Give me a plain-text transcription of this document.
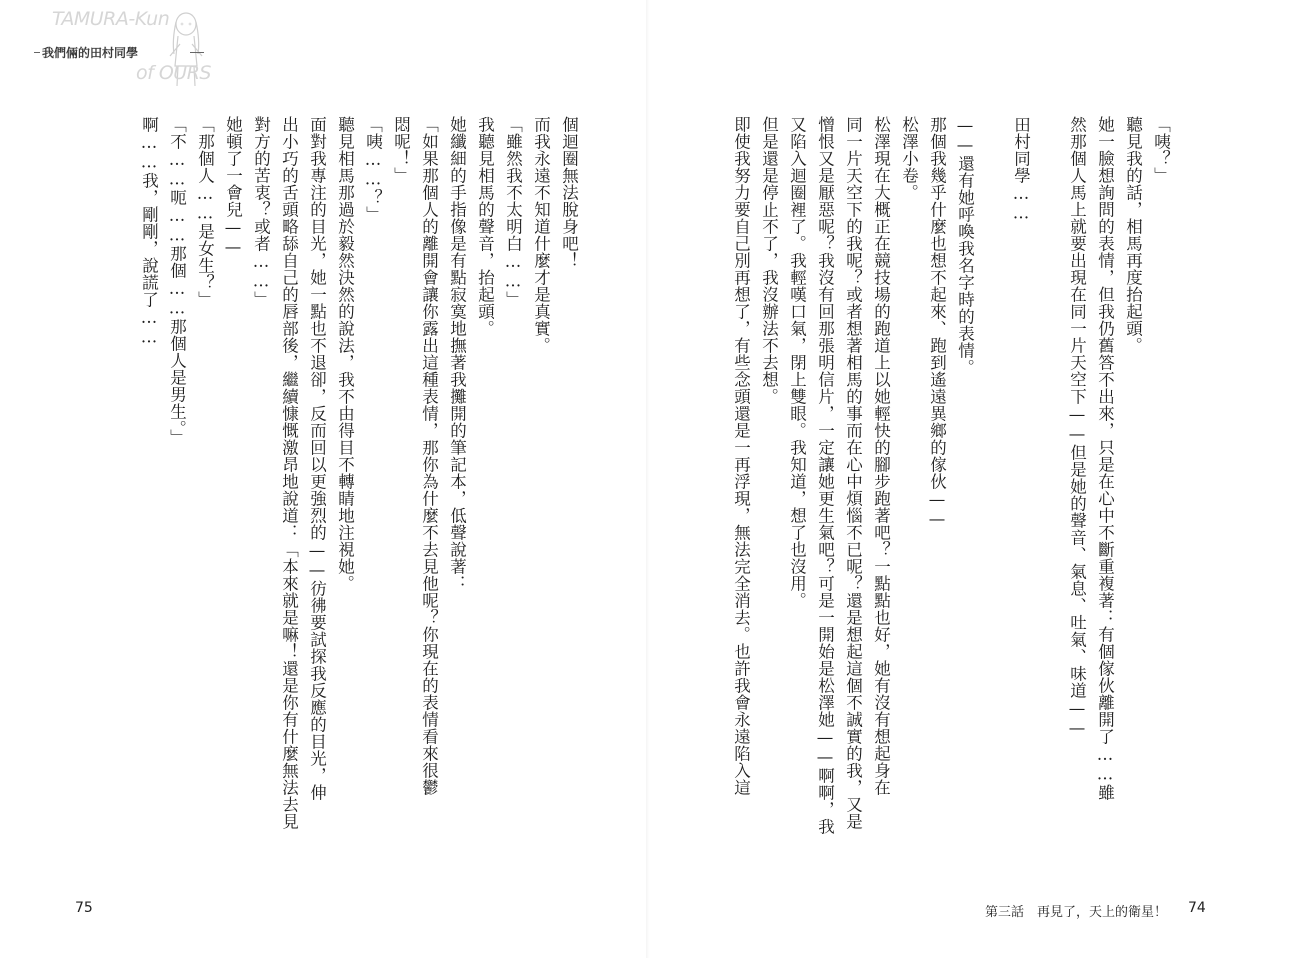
TAMURA-Kun
我們倆的田村同學
of OURS
「咦？」
聽見我的話，相馬再度抬起頭。
她一臉想詢問的表情，但我仍舊答不出來，只是在心中不斷重複著：有個傢伙離開了……雖
然那個人馬上就要出現在同一片天空下——但是她的聲音、氣息、吐氣、味道——
田村同學……
——還有她呼喚我名字時的表情。
那個我幾乎什麼也想不起來、跑到遙遠異鄉的傢伙——
松澤小卷。
松澤現在大概正在競技場的跑道上以她輕快的腳步跑著吧？一點點也好，她有沒有想起身在
同一片天空下的我呢？或者想著相馬的事而在心中煩惱不已呢？還是想起這個不誠實的我，又是
憎恨又是厭惡呢？我沒有回那張明信片，一定讓她更生氣吧？可是一開始是松澤她——啊啊，我
又陷入迴圈裡了。我輕嘆口氣，閉上雙眼。我知道，想了也沒用。
但是還是停止不了，我沒辦法不去想。
即使我努力要自己別再想了，有些念頭還是一再浮現，無法完全消去。也許我會永遠陷入這
個迴圈無法脫身吧！
而我永遠不知道什麼才是真實。
「雖然我不太明白……」
我聽見相馬的聲音，抬起頭。
她纖細的手指像是有點寂寞地撫著我攤開的筆記本，低聲說著：
「如果那個人的離開會讓你露出這種表情，那你為什麼不去見他呢？你現在的表情看來很鬱
悶呢！」
「咦……？」
聽見相馬那過於毅然決然的說法，我不由得目不轉睛地注視她。
面對我專注的目光，她一點也不退卻，反而回以更強烈的——彷彿要試探我反應的目光，伸
出小巧的舌頭略舔自己的唇部後，繼續慷慨激昂地說道：「本來就是嘛！還是你有什麼無法去見
對方的苦衷？或者……」
她頓了一會兒——
「那個人……是女生？」
「不……呃……那個……那個人是男生。」
啊……我，剛剛，說謊了……
75	第三話　再見了，天上的衛星！ 74
